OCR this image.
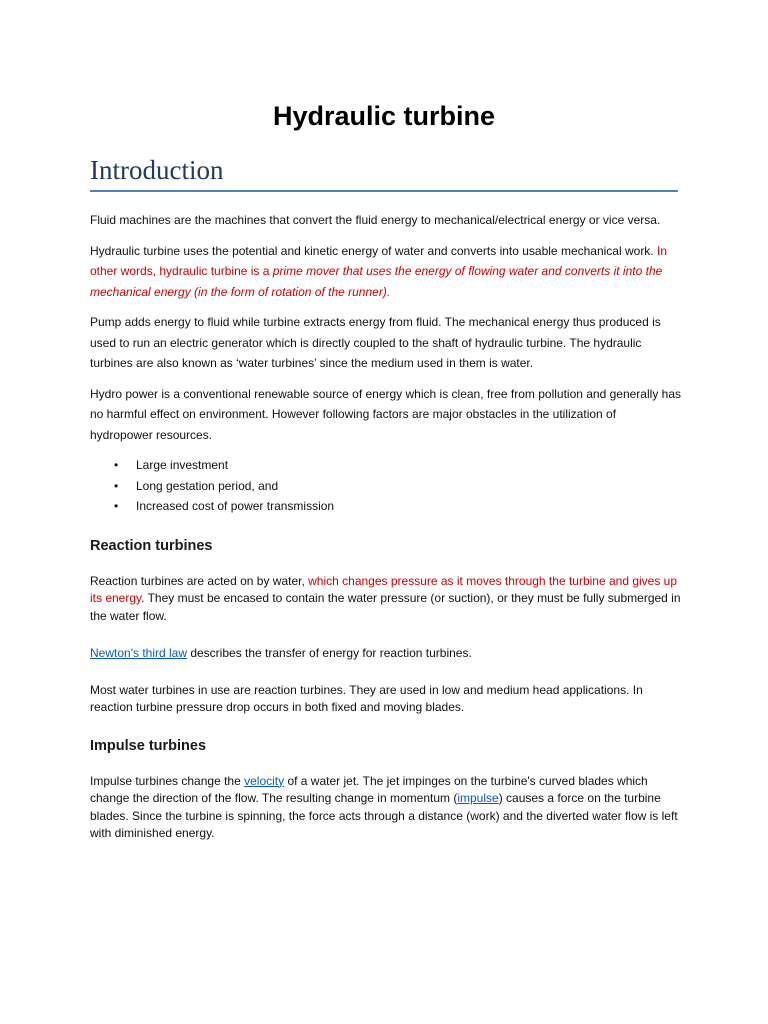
Hydraulic turbine
Introduction

Fluid machines are the machines that convert the fluid energy to mechanical/electrical energy or vice versa.

Hydraulic turbine uses the potential and kinetic energy of water and converts into usable mechanical work. In other words, hydraulic turbine is a prime mover that uses the energy of flowing water and converts it into the mechanical energy (in the form of rotation of the runner).

Pump adds energy to fluid while turbine extracts energy from fluid. The mechanical energy thus produced is used to run an electric generator which is directly coupled to the shaft of hydraulic turbine. The hydraulic turbines are also known as ‘water turbines’ since the medium used in them is water.

Hydro power is a conventional renewable source of energy which is clean, free from pollution and generally has no harmful effect on environment. However following factors are major obstacles in the utilization of hydropower resources.

• Large investment
• Long gestation period, and
• Increased cost of power transmission
Reaction turbines

Reaction turbines are acted on by water, which changes pressure as it moves through the turbine and gives up its energy. They must be encased to contain the water pressure (or suction), or they must be fully submerged in the water flow.

Newton's third law describes the transfer of energy for reaction turbines.

Most water turbines in use are reaction turbines. They are used in low and medium head applications. In reaction turbine pressure drop occurs in both fixed and moving blades.

Impulse turbines

Impulse turbines change the velocity of a water jet. The jet impinges on the turbine's curved blades which change the direction of the flow. The resulting change in momentum (impulse) causes a force on the turbine blades. Since the turbine is spinning, the force acts through a distance (work) and the diverted water flow is left with diminished energy.
